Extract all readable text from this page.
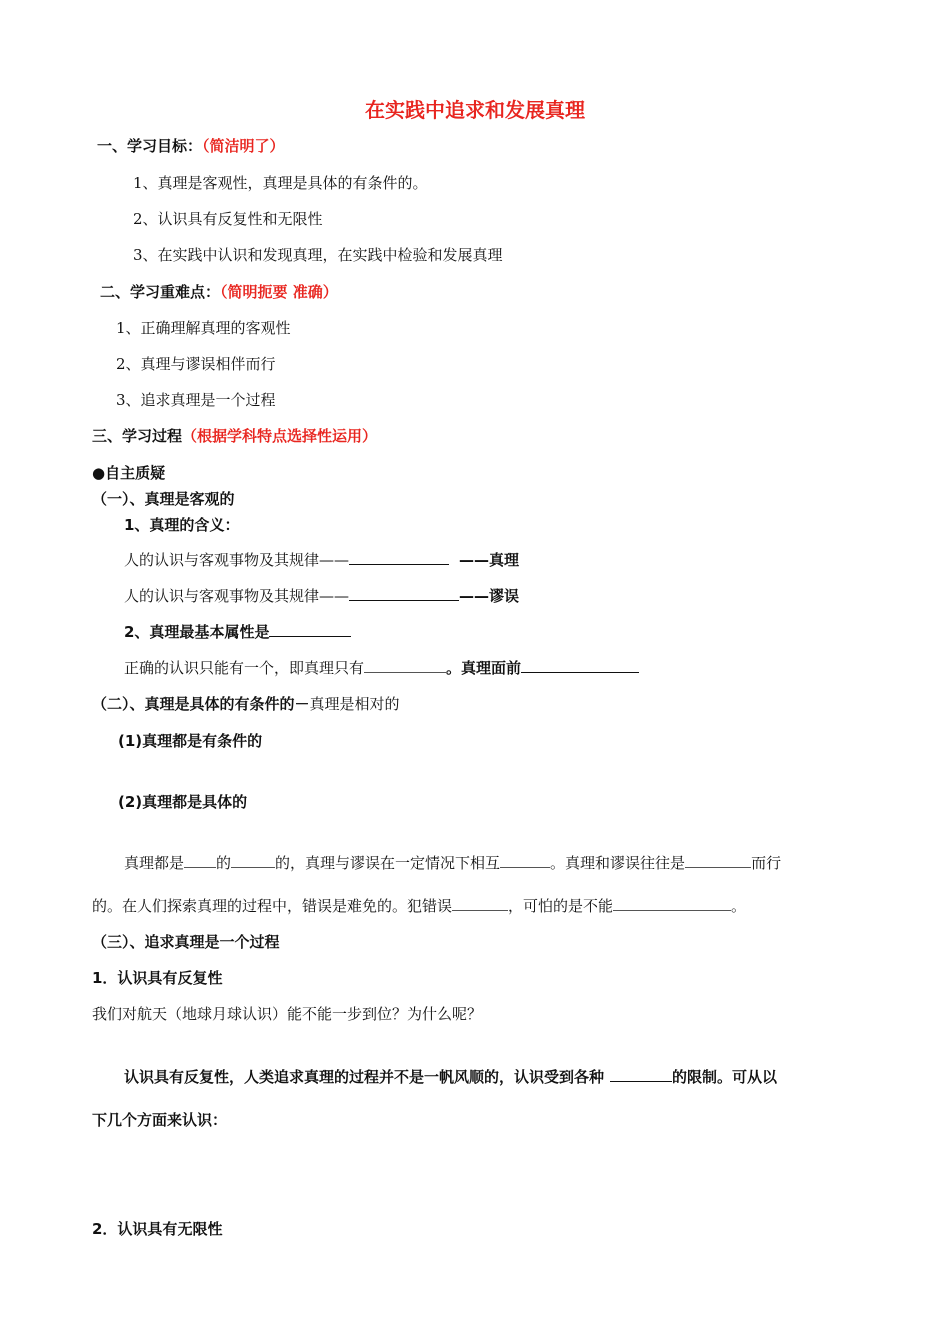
在实践中追求和发展真理
一、学习目标：（简洁明了）
1、真理是客观性，真理是具体的有条件的。
2、认识具有反复性和无限性
3、在实践中认识和发现真理，在实践中检验和发展真理
二、学习重难点：（简明扼要 准确）
1、正确理解真理的客观性
2、真理与谬误相伴而行
3、追求真理是一个过程
三、学习过程（根据学科特点选择性运用）
●自主质疑
（一）、真理是客观的
1、真理的含义：
人的认识与客观事物及其规律——	——真理
人的认识与客观事物及其规律——	——谬误
2、真理最基本属性是
正确的认识只能有一个，即真理只有	。真理面前
（二）、真理是具体的有条件的－真理是相对的
(1)真理都是有条件的
(2)真理都是具体的
真理都是 的	的，真理与谬误在一定情况下相互	。真理和谬误往往是	而行
的。在人们探索真理的过程中，错误是难免的。犯错误	，可怕的是不能	。
（三）、追求真理是一个过程
1．认识具有反复性
我们对航天（地球月球认识）能不能一步到位？为什么呢？
认识具有反复性，人类追求真理的过程并不是一帆风顺的，认识受到各种	的限制。可从以
下几个方面来认识：
2．认识具有无限性
